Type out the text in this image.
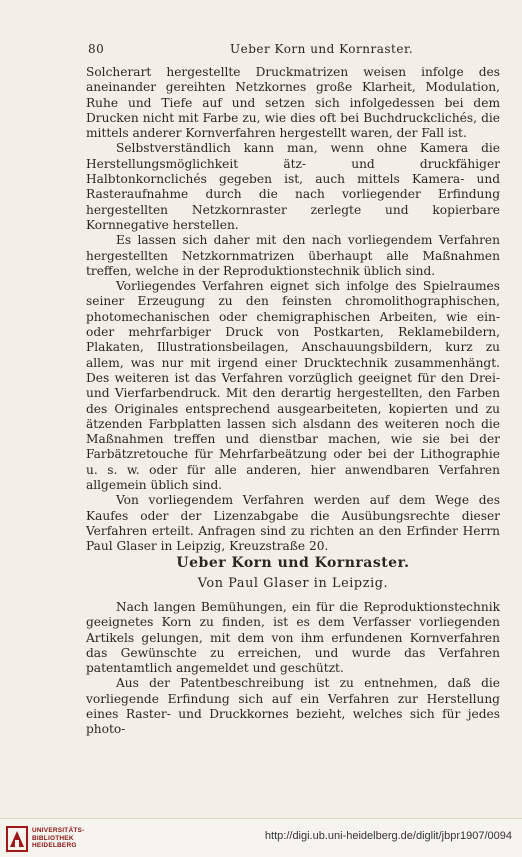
80	Ueber Korn und Kornraster.

Solcherart hergestellte Druckmatrizen weisen infolge des aneinander gereihten Netzkornes große Klarheit, Modulation, Ruhe und Tiefe auf und setzen sich infolgedessen bei dem Drucken nicht mit Farbe zu, wie dies oft bei Buchdruckclichés, die mittels anderer Kornverfahren hergestellt waren, der Fall ist.

Selbstverständlich kann man, wenn ohne Kamera die Herstellungsmöglichkeit ätz- und druckfähiger Halbtonkornclichés gegeben ist, auch mittels Kamera- und Rasteraufnahme durch die nach vorliegender Erfindung hergestellten Netzkornraster zerlegte und kopierbare Kornnegative herstellen.

Es lassen sich daher mit den nach vorliegendem Verfahren hergestellten Netzkornmatrizen überhaupt alle Maßnahmen treffen, welche in der Reproduktionstechnik üblich sind.

Vorliegendes Verfahren eignet sich infolge des Spielraumes seiner Erzeugung zu den feinsten chromolithographischen, photomechanischen oder chemigraphischen Arbeiten, wie ein- oder mehrfarbiger Druck von Postkarten, Reklamebildern, Plakaten, Illustrationsbeilagen, Anschauungsbildern, kurz zu allem, was nur mit irgend einer Drucktechnik zusammenhängt. Des weiteren ist das Verfahren vorzüglich geeignet für den Drei- und Vierfarbendruck. Mit den derartig hergestellten, den Farben des Originales entsprechend ausgearbeiteten, kopierten und zu ätzenden Farbplatten lassen sich alsdann des weiteren noch die Maßnahmen treffen und dienstbar machen, wie sie bei der Farbätzretouche für Mehrfarbeätzung oder bei der Lithographie u. s. w. oder für alle anderen, hier anwendbaren Verfahren allgemein üblich sind.

Von vorliegendem Verfahren werden auf dem Wege des Kaufes oder der Lizenzabgabe die Ausübungsrechte dieser Verfahren erteilt. Anfragen sind zu richten an den Erfinder Herrn Paul Glaser in Leipzig, Kreuzstraße 20.

Ueber Korn und Kornraster.
Von Paul Glaser in Leipzig.

Nach langen Bemühungen, ein für die Reproduktionstechnik geeignetes Korn zu finden, ist es dem Verfasser vorliegenden Artikels gelungen, mit dem von ihm erfundenen Kornverfahren das Gewünschte zu erreichen, und wurde das Verfahren patentamtlich angemeldet und geschützt.

Aus der Patentbeschreibung ist zu entnehmen, daß die vorliegende Erfindung sich auf ein Verfahren zur Herstellung eines Raster- und Druckkornes bezieht, welches sich für jedes photo-

UNIVERSITÄTS-
BIBLIOTHEK
HEIDELBERG
http://digi.ub.uni-heidelberg.de/diglit/jbpr1907/0094
